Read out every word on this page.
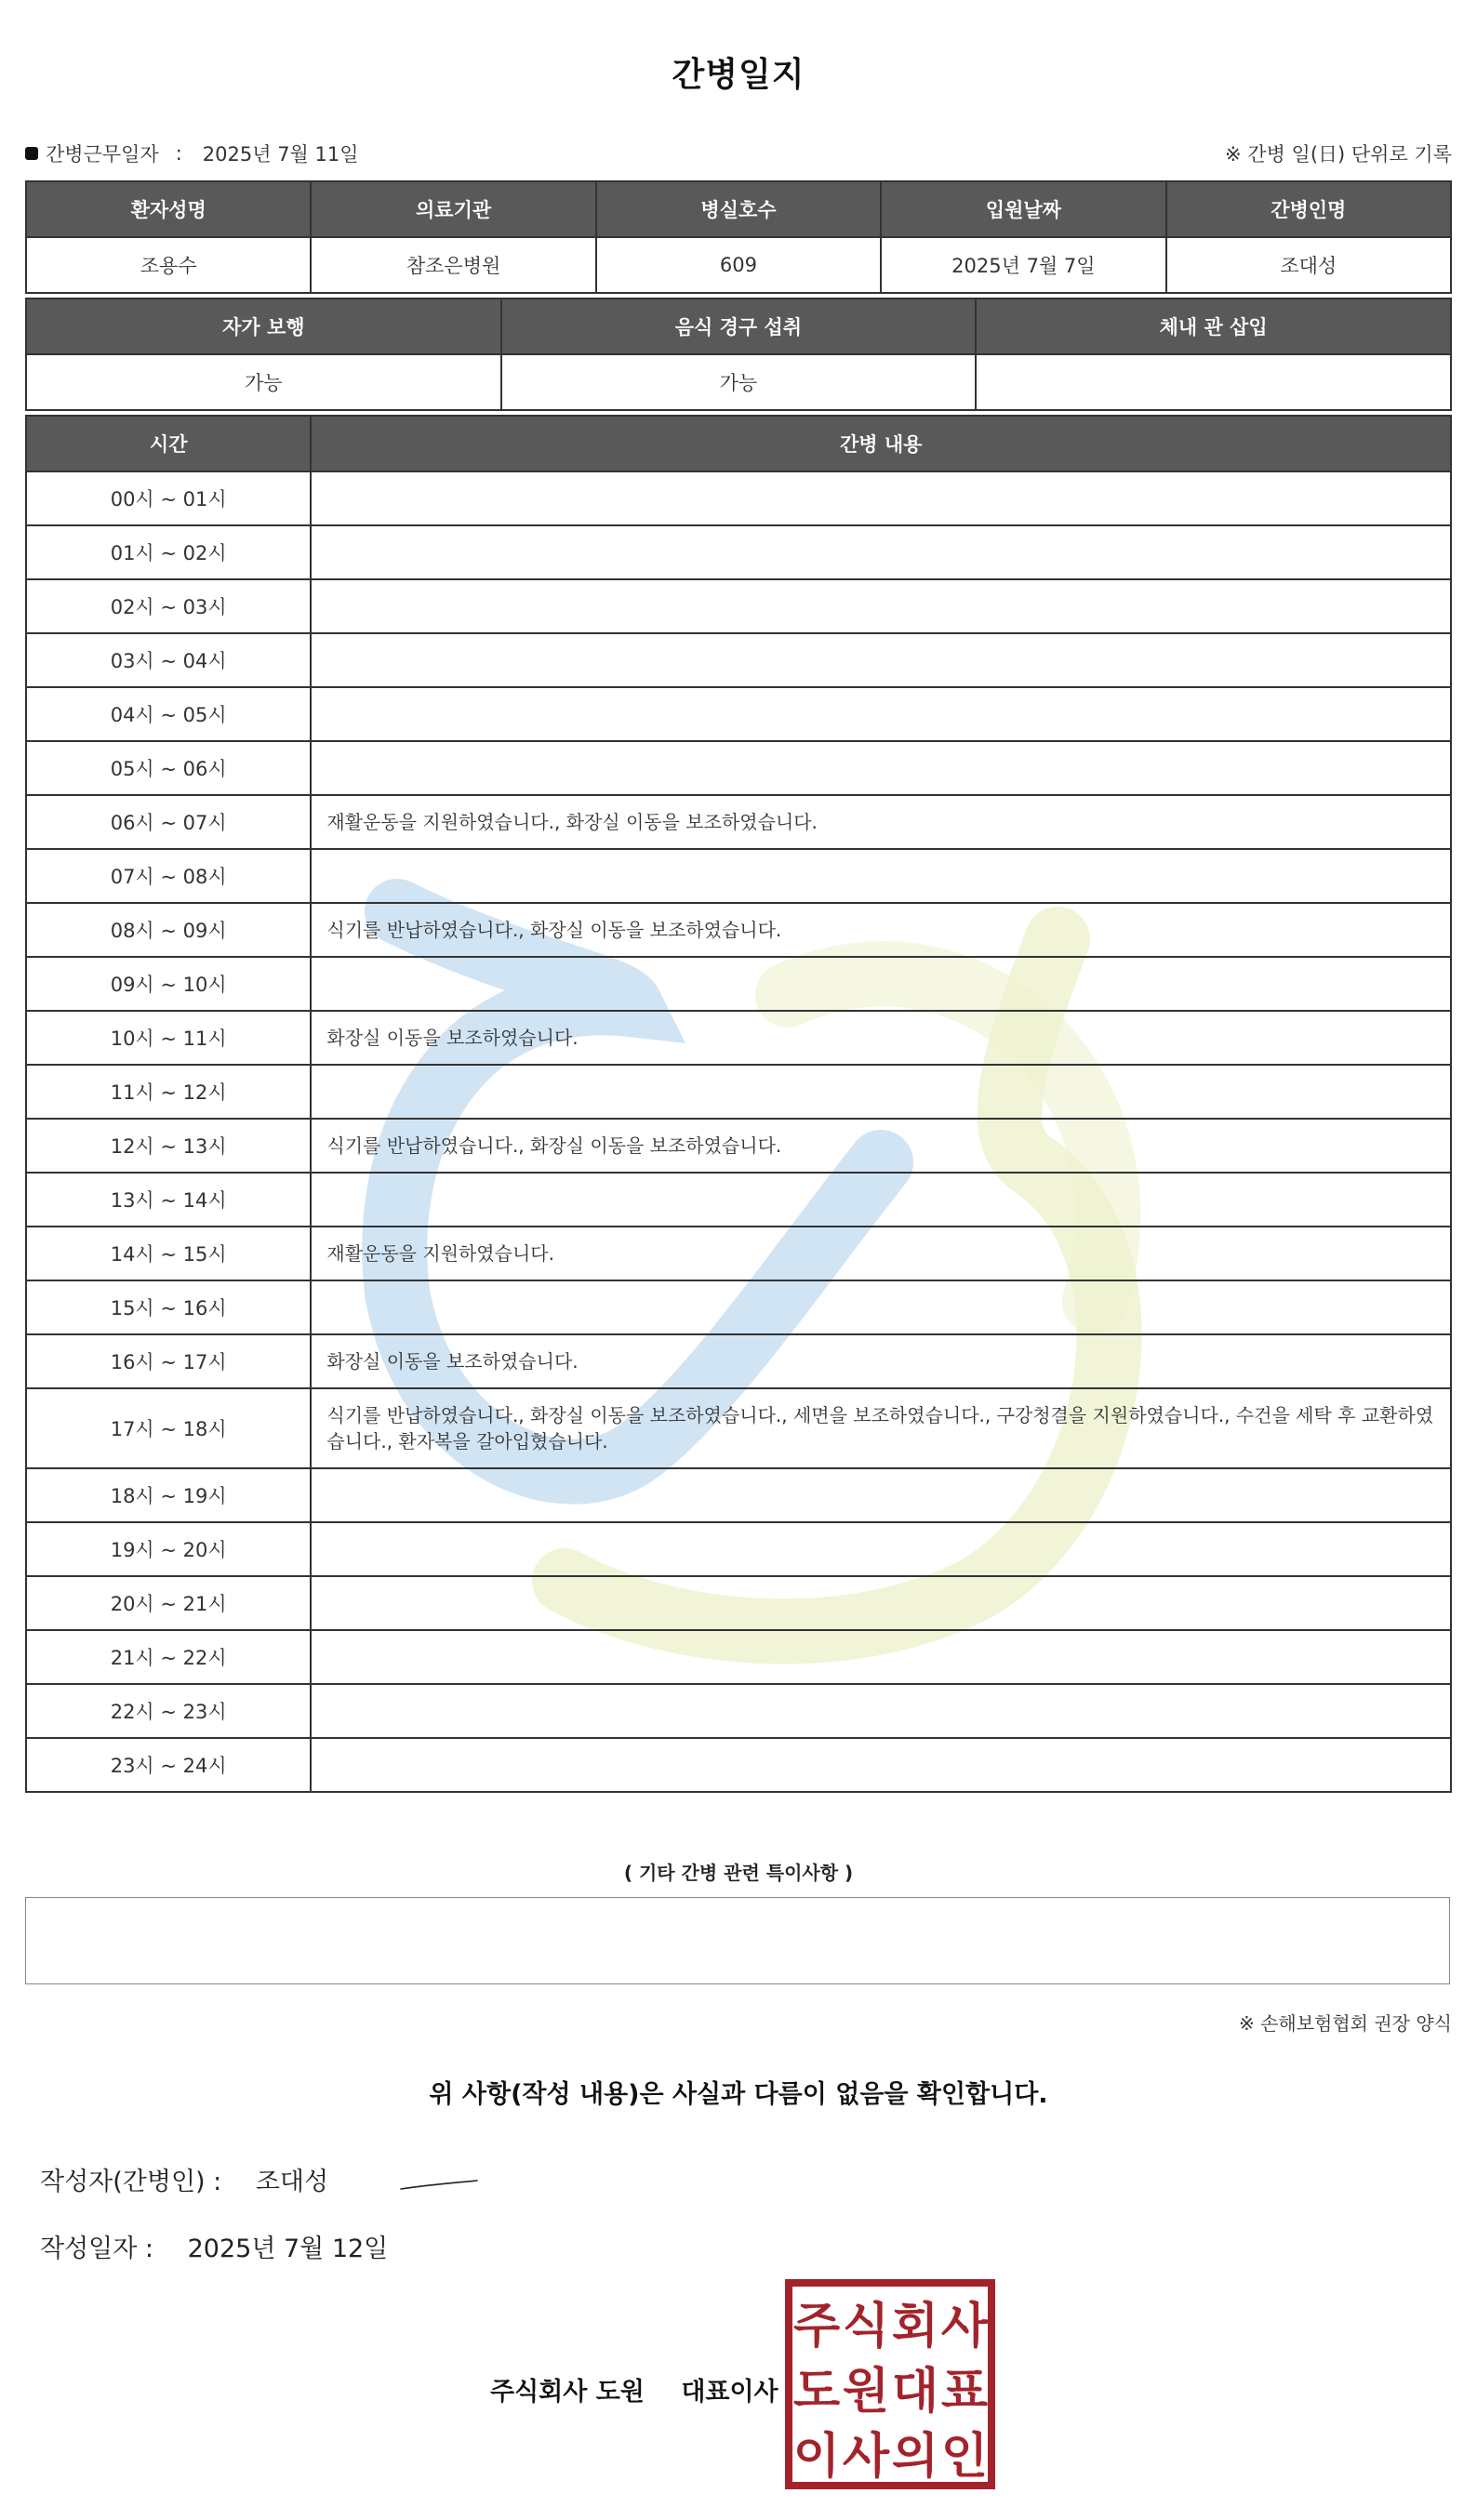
간병일지
간병근무일자 : 2025년 7월 11일	※ 간병 일(日) 단위로 기록
환자성명	의료기관	병실호수	입원날짜	간병인명
조용수	참조은병원	609	2025년 7월 7일	조대성
자가 보행	음식 경구 섭취	체내 관 삽입
가능	가능	
시간	간병 내용
00시 ~ 01시	
01시 ~ 02시	
02시 ~ 03시	
03시 ~ 04시	
04시 ~ 05시	
05시 ~ 06시	
06시 ~ 07시	재활운동을 지원하였습니다., 화장실 이동을 보조하였습니다.
07시 ~ 08시	
08시 ~ 09시	식기를 반납하였습니다., 화장실 이동을 보조하였습니다.
09시 ~ 10시	
10시 ~ 11시	화장실 이동을 보조하였습니다.
11시 ~ 12시	
12시 ~ 13시	식기를 반납하였습니다., 화장실 이동을 보조하였습니다.
13시 ~ 14시	
14시 ~ 15시	재활운동을 지원하였습니다.
15시 ~ 16시	
16시 ~ 17시	화장실 이동을 보조하였습니다.
17시 ~ 18시	식기를 반납하였습니다., 화장실 이동을 보조하였습니다., 세면을 보조하였습니다., 구강청결을 지원하였습니다., 수건을 세탁 후 교환하였습니다., 환자복을 갈아입혔습니다.
18시 ~ 19시	
19시 ~ 20시	
20시 ~ 21시	
21시 ~ 22시	
22시 ~ 23시	
23시 ~ 24시	
( 기타 간병 관련 특이사항 )
※ 손해보험협회 권장 양식
위 사항(작성 내용)은 사실과 다름이 없음을 확인합니다.
작성자(간병인) : 조대성
작성일자 : 2025년 7월 12일
주식회사 도원 대표이사
주 식 회 사
도 원 대 표
이 사 의 인
